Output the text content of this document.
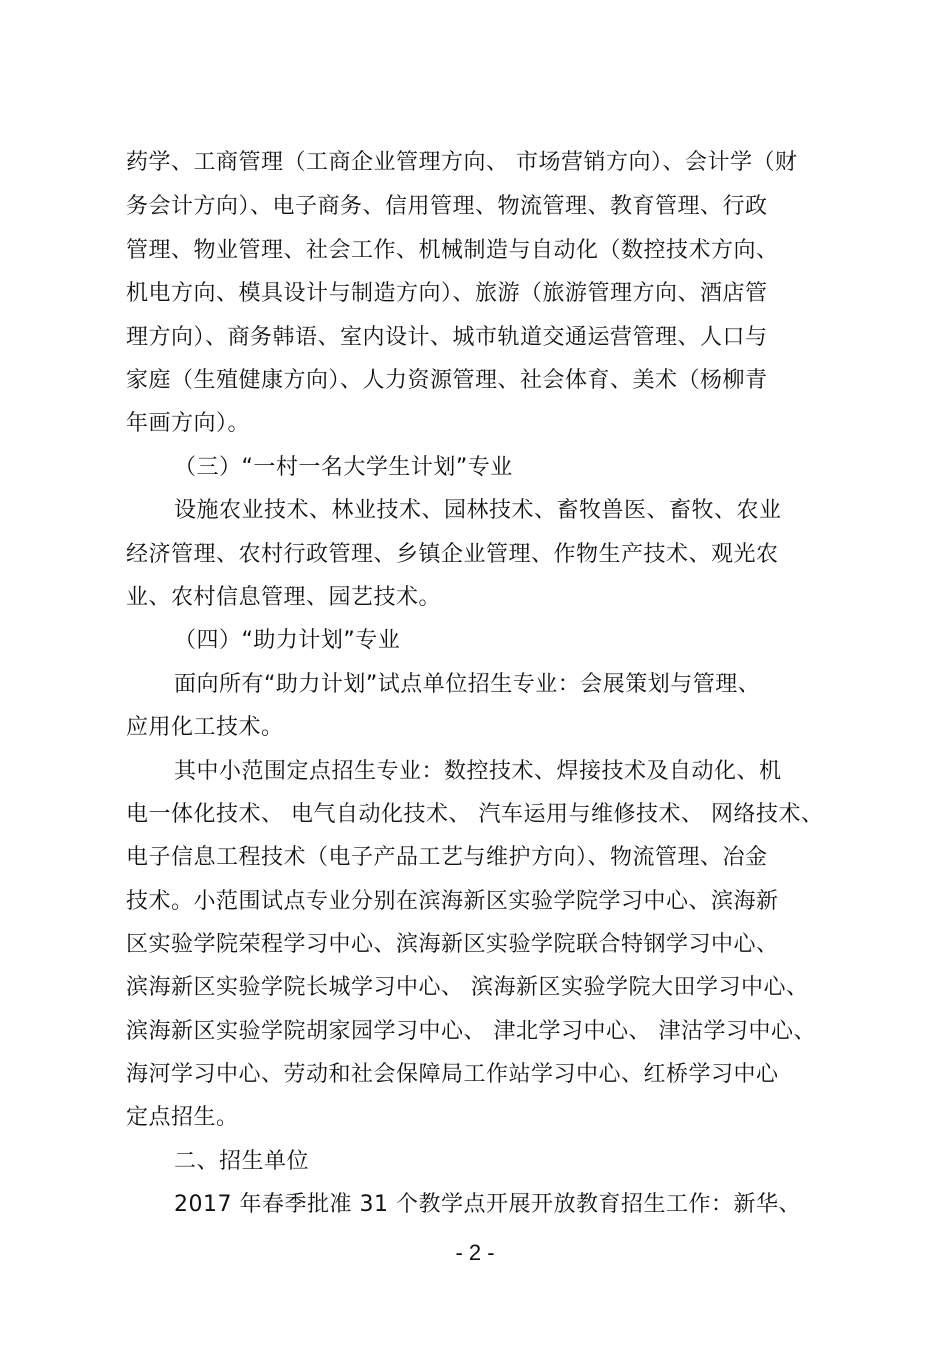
药学、工商管理（工商企业管理方向、 市场营销方向）、会计学（财
务会计方向）、电子商务、信用管理、物流管理、教育管理、行政
管理、物业管理、社会工作、机械制造与自动化（数控技术方向、
机电方向、模具设计与制造方向）、旅游（旅游管理方向、酒店管
理方向）、商务韩语、室内设计、城市轨道交通运营管理、人口与
家庭（生殖健康方向）、人力资源管理、社会体育、美术（杨柳青
年画方向）。
（三）“一村一名大学生计划”专业
设施农业技术、林业技术、园林技术、畜牧兽医、畜牧、农业
经济管理、农村行政管理、乡镇企业管理、作物生产技术、观光农
业、农村信息管理、园艺技术。
（四）“助力计划”专业
面向所有“助力计划”试点单位招生专业：会展策划与管理、
应用化工技术。
其中小范围定点招生专业：数控技术、焊接技术及自动化、机
电一体化技术、 电气自动化技术、 汽车运用与维修技术、 网络技术、
电子信息工程技术（电子产品工艺与维护方向）、物流管理、冶金
技术。小范围试点专业分别在滨海新区实验学院学习中心、滨海新
区实验学院荣程学习中心、滨海新区实验学院联合特钢学习中心、
滨海新区实验学院长城学习中心、 滨海新区实验学院大田学习中心、
滨海新区实验学院胡家园学习中心、 津北学习中心、 津沽学习中心、
海河学习中心、劳动和社会保障局工作站学习中心、红桥学习中心
定点招生。
二、招生单位
2017 年春季批准 31 个教学点开展开放教育招生工作：新华、
- 2 -
